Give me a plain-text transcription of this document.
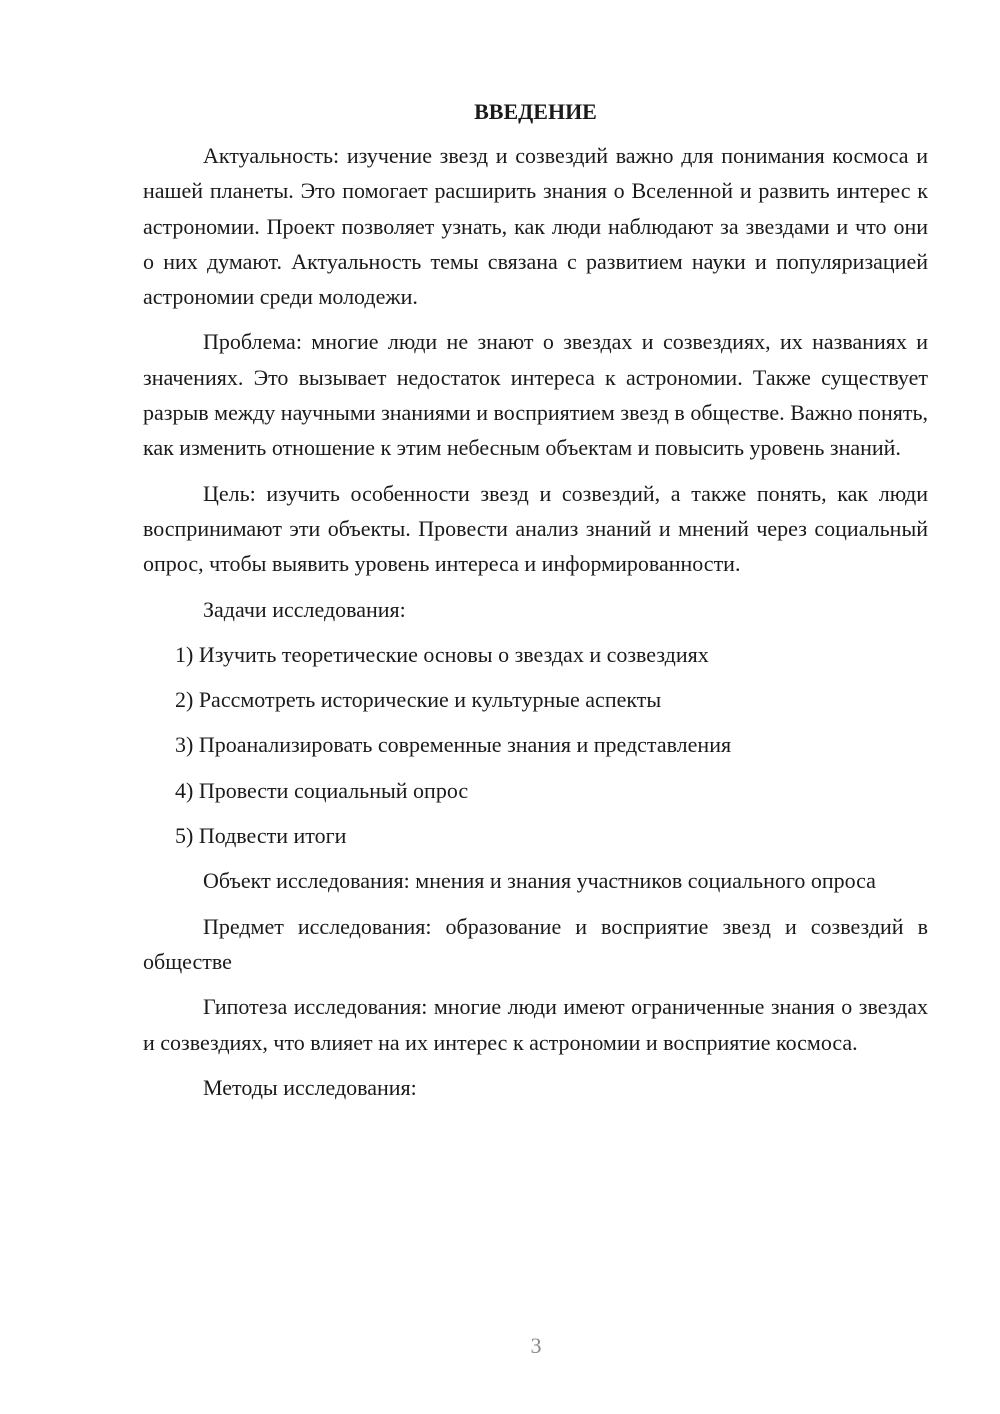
ВВЕДЕНИЕ

Актуальность: изучение звезд и созвездий важно для понимания космоса и нашей планеты. Это помогает расширить знания о Вселенной и развить интерес к астрономии. Проект позволяет узнать, как люди наблюдают за звездами и что они о них думают. Актуальность темы связана с развитием науки и популяризацией астрономии среди молодежи.

Проблема: многие люди не знают о звездах и созвездиях, их названиях и значениях. Это вызывает недостаток интереса к астрономии. Также существует разрыв между научными знаниями и восприятием звезд в обществе. Важно понять, как изменить отношение к этим небесным объектам и повысить уровень знаний.

Цель: изучить особенности звезд и созвездий, а также понять, как люди воспринимают эти объекты. Провести анализ знаний и мнений через социальный опрос, чтобы выявить уровень интереса и информированности.

Задачи исследования:

1) Изучить теоретические основы о звездах и созвездиях

2) Рассмотреть исторические и культурные аспекты

3) Проанализировать современные знания и представления

4) Провести социальный опрос

5) Подвести итоги

Объект исследования: мнения и знания участников социального опроса

Предмет исследования: образование и восприятие звезд и созвездий в обществе

Гипотеза исследования: многие люди имеют ограниченные знания о звездах и созвездиях, что влияет на их интерес к астрономии и восприятие космоса.

Методы исследования:

3
